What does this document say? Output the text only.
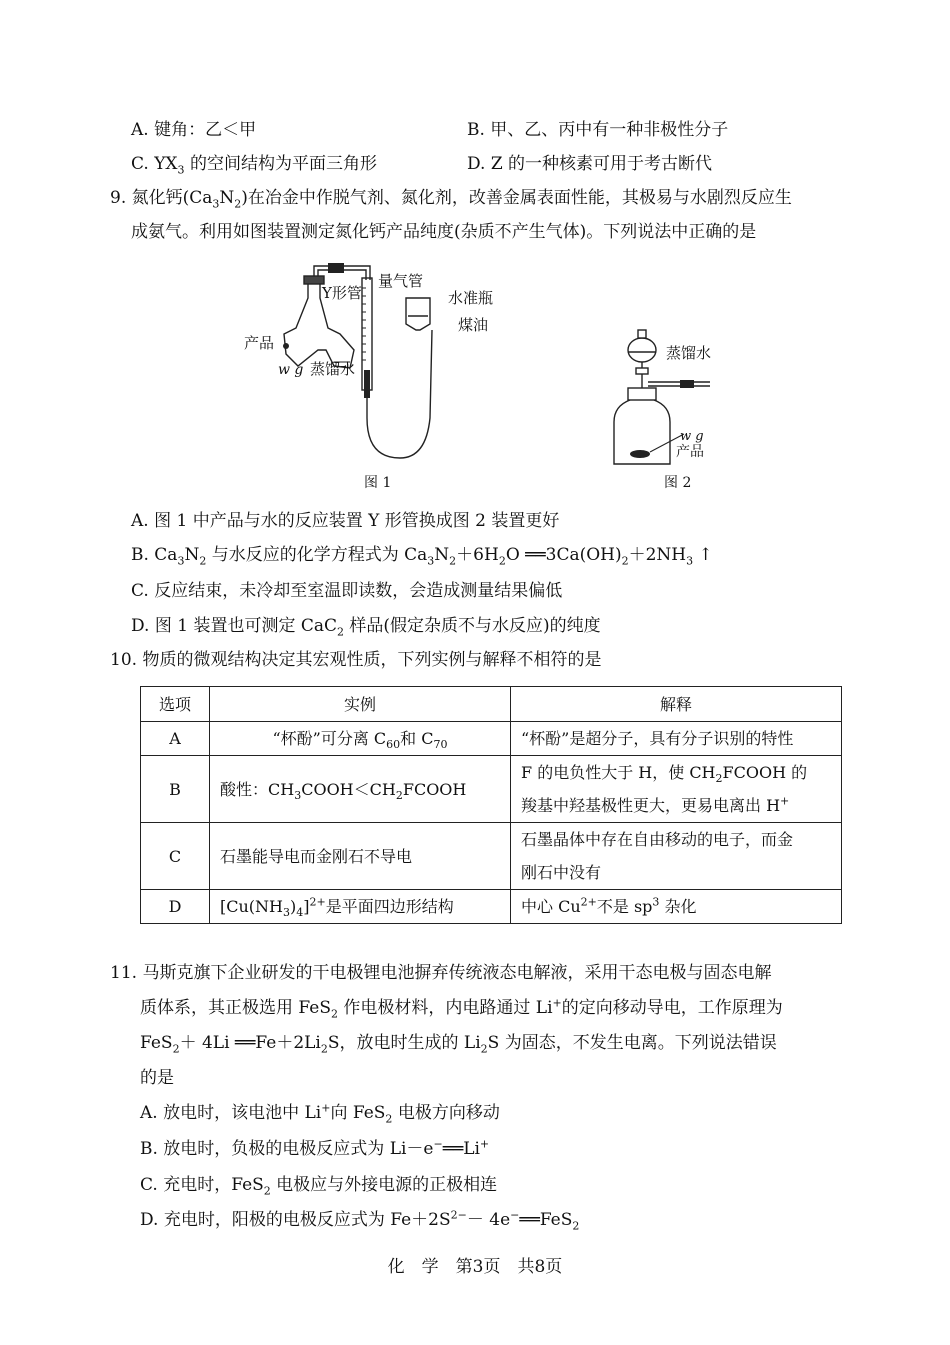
A. 键角：乙＜甲	B. 甲、乙、丙中有一种非极性分子
C. $YX_3$ 的空间结构为平面三角形	D. Z 的一种核素可用于考古断代
9. 氮化钙$(Ca_3N_2)$在冶金中作脱气剂、氮化剂，改善金属表面性能，其极易与水剧烈反应生
成氨气。利用如图装置测定氮化钙产品纯度(杂质不产生气体)。下列说法中正确的是
Y形管
量气管
水准瓶
煤油
产品
w g 蒸馏水
图 1
蒸馏水
w g
产品
图 2
A. 图 1 中产品与水的反应装置 Y 形管换成图 2 装置更好
B. $Ca_3N_2$ 与水反应的化学方程式为 $Ca_3N_2+6H_2O$ $══3Ca(OH)_2+2NH_3$ ↑
C. 反应结束，未冷却至室温即读数，会造成测量结果偏低
D. 图 1 装置也可测定 CaC$_2$ 样品(假定杂质不与水反应)的纯度
10. 物质的微观结构决定其宏观性质，下列实例与解释不相符的是
选项	实例	解释
A	“杯酚”可分离 $C_{60}$和 $C_{70}$	“杯酚”是超分子，具有分子识别的特性
B	酸性：$CH_3COOH<CH_2FCOOH$	F 的电负性大于 H，使 $CH_2FCOOH$ 的
羧基中羟基极性更大，更易电离出 H+

C	石墨能导电而金刚石不导电	石墨晶体中存在自由移动的电子，而金
刚石中没有

D	$[Cu(NH_3)_4]^{2+}$是平面四边形结构	中心 $Cu^{2+}$不是 $sp^3$ 杂化
11. 马斯克旗下企业研发的干电极锂电池摒弃传统液态电解液，采用干态电极与固态电解
质体系，其正极选用 FeS$_2$ 作电极材料，内电路通过 Li+的定向移动导电，工作原理为
FeS$_2$＋ 4Li $══Fe+2Li_2S$，放电时生成的 $Li_2S$ 为固态，不发生电离。下列说法错误
的是
A. 放电时，该电池中 Li+向 FeS$_2$ 电极方向移动
B. 放电时，负极的电极反应式为 Li－e−══Li+
C. 充电时，FeS$_2$ 电极应与外接电源的正极相连
D. 充电时，阳极的电极反应式为 $Fe+2S^{2-}-$ 4e−══FeS$_2$
化　学　第3页　共8页
